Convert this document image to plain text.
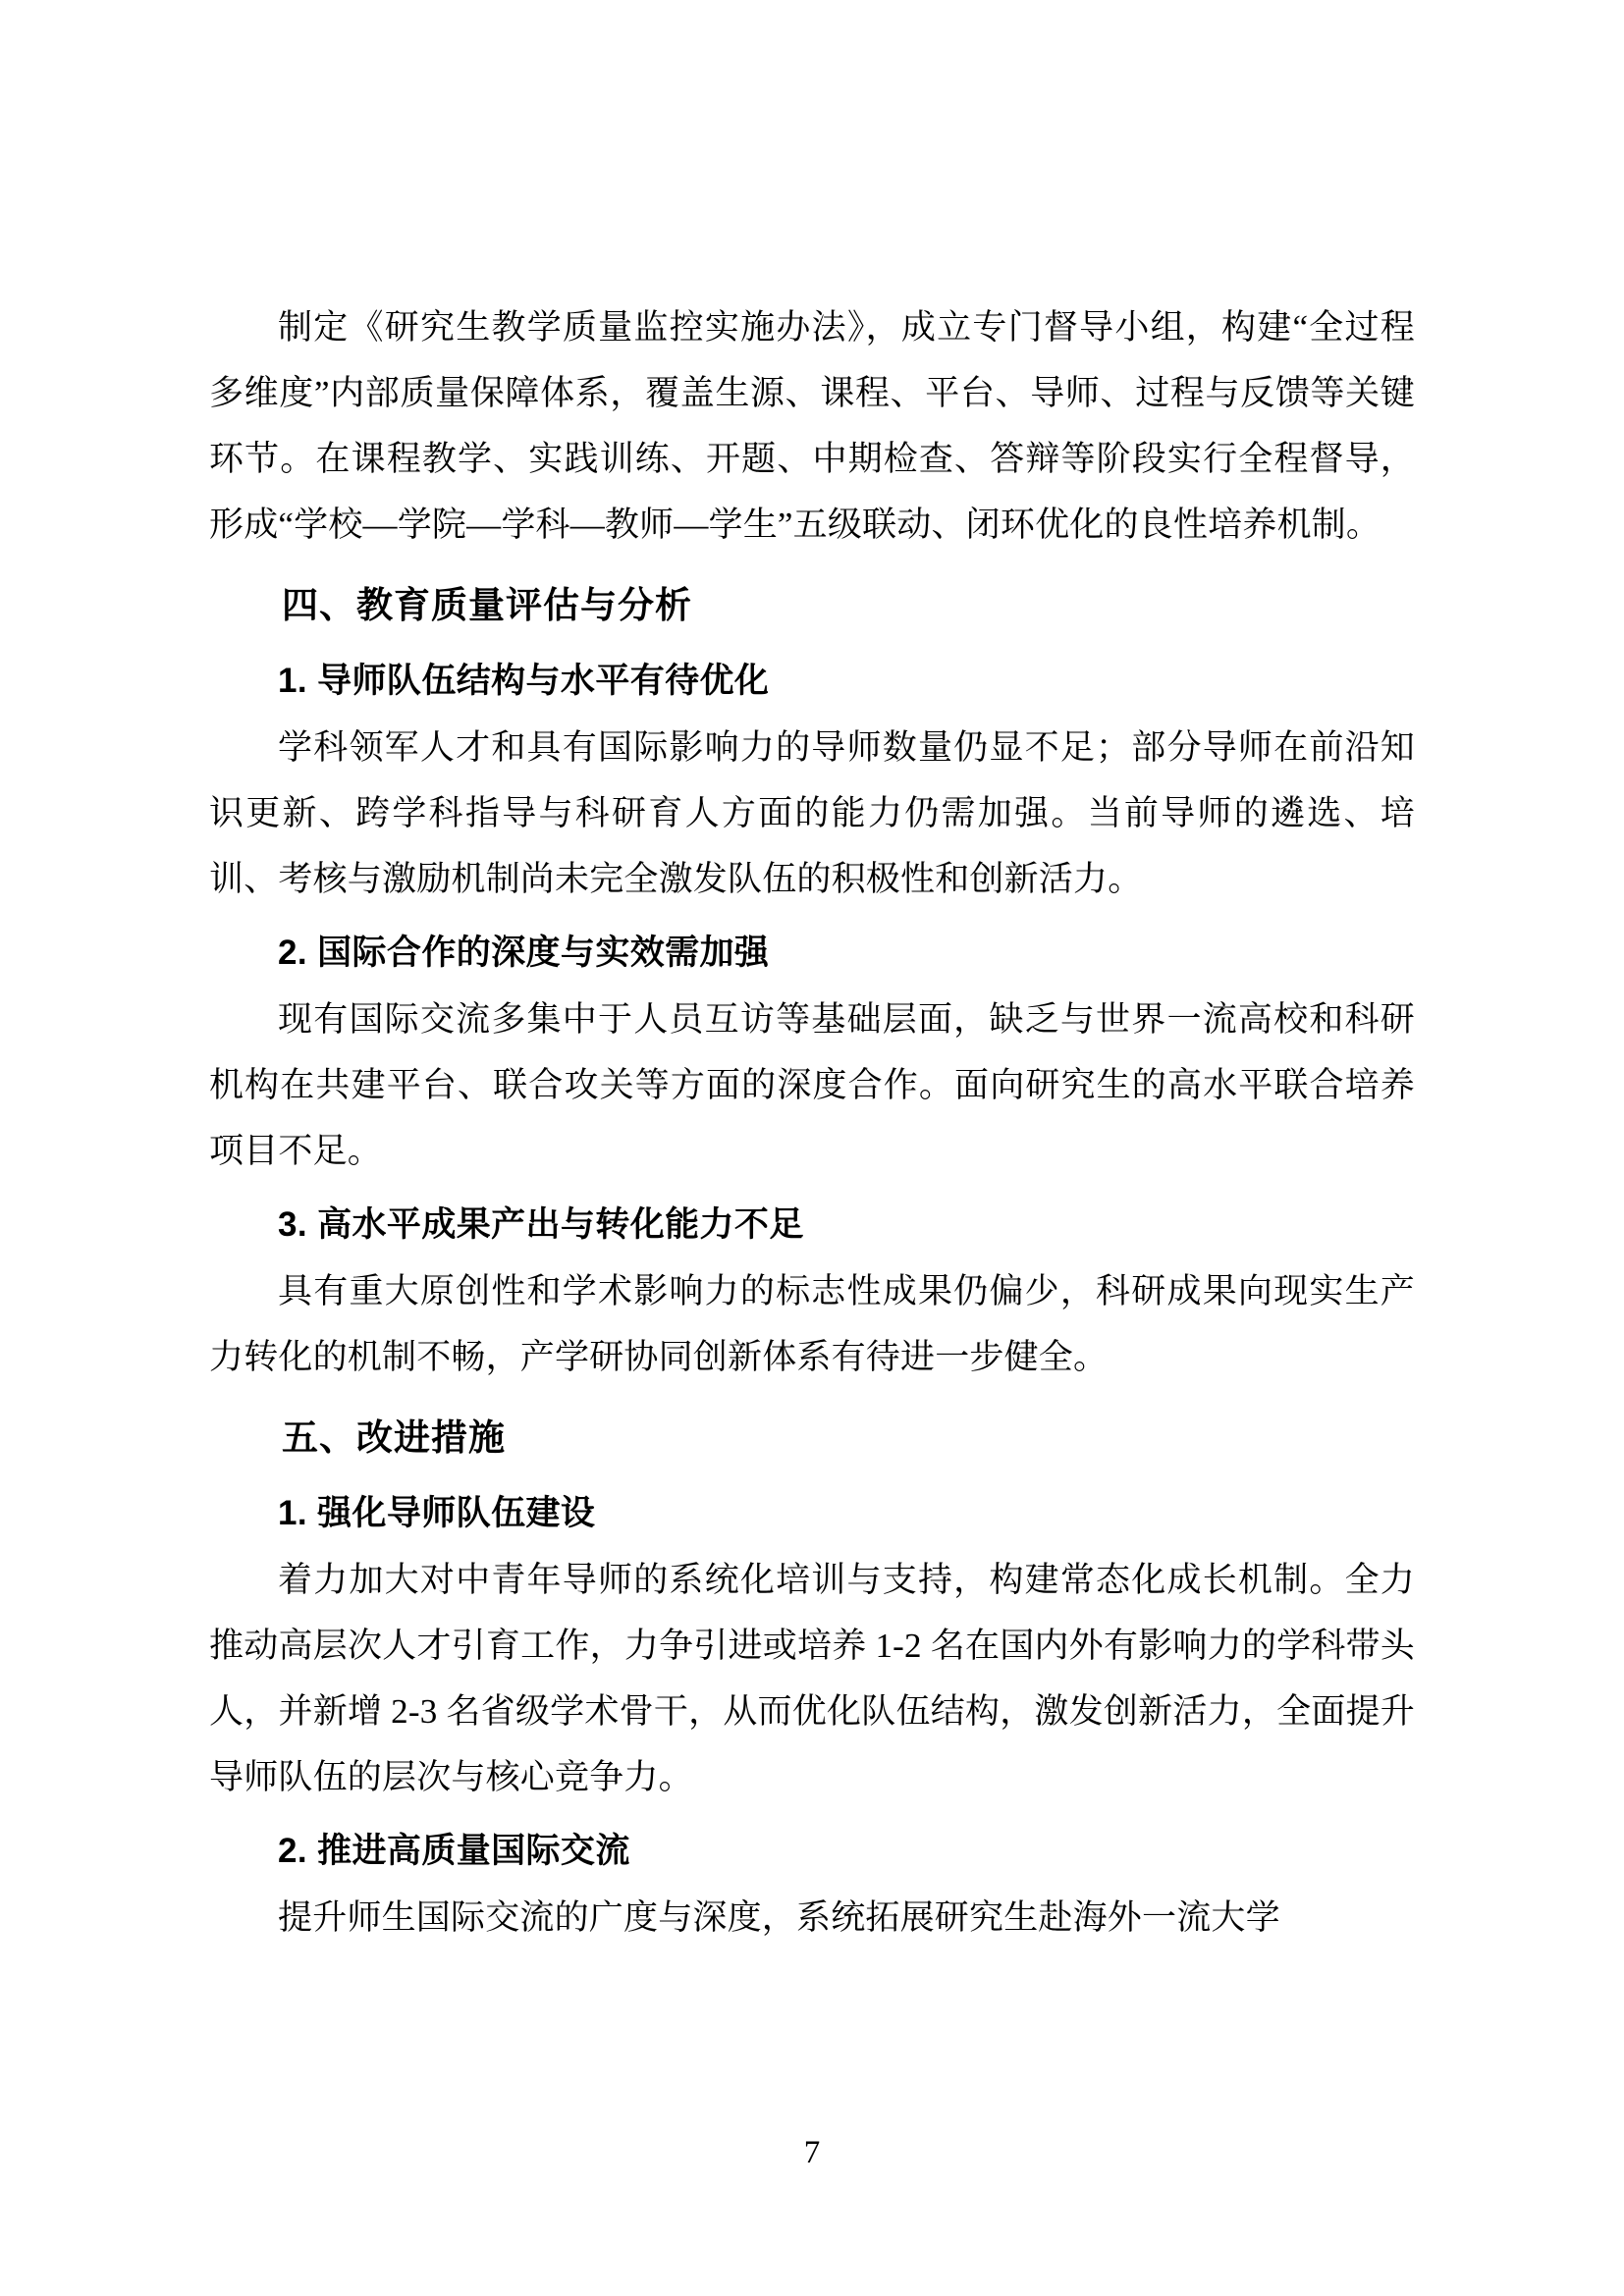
制定《研究生教学质量监控实施办法》，成立专门督导小组，构建“全过程多维度”内部质量保障体系，覆盖生源、课程、平台、导师、过程与反馈等关键环节。在课程教学、实践训练、开题、中期检查、答辩等阶段实行全程督导，形成“学校—学院—学科—教师—学生”五级联动、闭环优化的良性培养机制。

四、教育质量评估与分析
1. 导师队伍结构与水平有待优化

学科领军人才和具有国际影响力的导师数量仍显不足；部分导师在前沿知识更新、跨学科指导与科研育人方面的能力仍需加强。当前导师的遴选、培训、考核与激励机制尚未完全激发队伍的积极性和创新活力。

2. 国际合作的深度与实效需加强

现有国际交流多集中于人员互访等基础层面，缺乏与世界一流高校和科研机构在共建平台、联合攻关等方面的深度合作。面向研究生的高水平联合培养项目不足。

3. 高水平成果产出与转化能力不足

具有重大原创性和学术影响力的标志性成果仍偏少，科研成果向现实生产力转化的机制不畅，产学研协同创新体系有待进一步健全。

五、改进措施
1. 强化导师队伍建设

着力加大对中青年导师的系统化培训与支持，构建常态化成长机制。全力推动高层次人才引育工作，力争引进或培养 1-2 名在国内外有影响力的学科带头人，并新增 2-3 名省级学术骨干，从而优化队伍结构，激发创新活力，全面提升导师队伍的层次与核心竞争力。

2. 推进高质量国际交流

提升师生国际交流的广度与深度，系统拓展研究生赴海外一流大学

7
